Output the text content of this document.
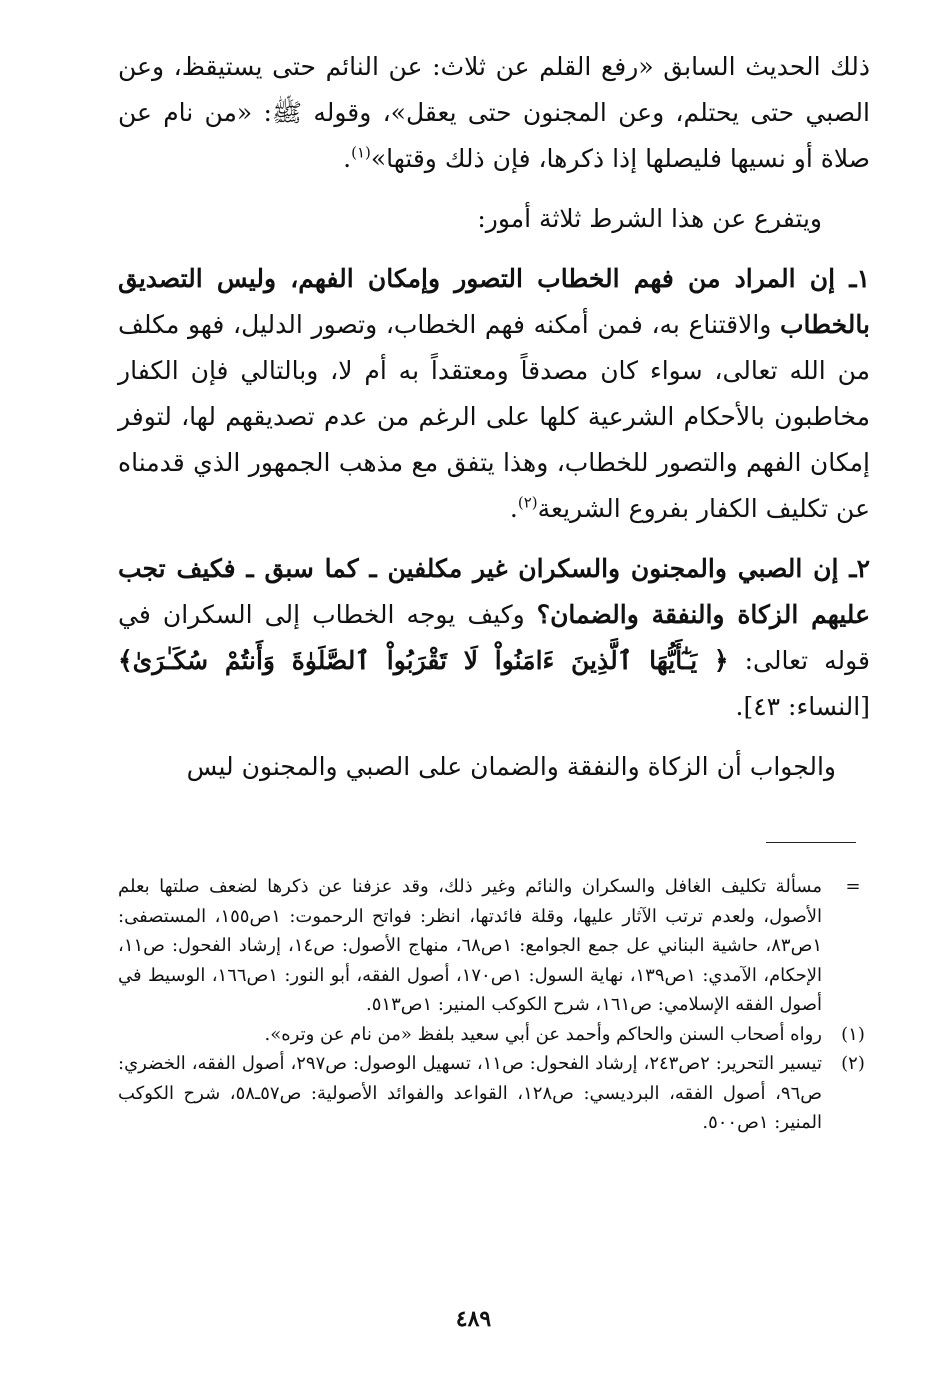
ذلك الحديث السابق «رفع القلم عن ثلاث: عن النائم حتى يستيقظ، وعن الصبي حتى يحتلم، وعن المجنون حتى يعقل»، وقوله ﷺ: «من نام عن صلاة أو نسيها فليصلها إذا ذكرها، فإن ذلك وقتها»$^{(١)}$.

ويتفرع عن هذا الشرط ثلاثة أمور:

١ـ إن المراد من فهم الخطاب التصور وإمكان الفهم، وليس التصديق بالخطاب والاقتناع به، فمن أمكنه فهم الخطاب، وتصور الدليل، فهو مكلف من الله تعالى، سواء كان مصدقاً ومعتقداً به أم لا، وبالتالي فإن الكفار مخاطبون بالأحكام الشرعية كلها على الرغم من عدم تصديقهم لها، لتوفر إمكان الفهم والتصور للخطاب، وهذا يتفق مع مذهب الجمهور الذي قدمناه عن تكليف الكفار بفروع الشريعة$^{(٢)}$.

٢ـ إن الصبي والمجنون والسكران غير مكلفين ـ كما سبق ـ فكيف تجب عليهم الزكاة والنفقة والضمان؟ وكيف يوجه الخطاب إلى السكران في قوله تعالى: ﴿ يَـٰٓأَيُّهَا ٱلَّذِينَ ءَامَنُواْ لَا تَقْرَبُواْ ٱلصَّلَوٰةَ وَأَنتُمْ سُكَـٰرَىٰ﴾ [النساء: ٤٣].

والجواب أن الزكاة والنفقة والضمان على الصبي والمجنون ليس

=
مسألة تكليف الغافل والسكران والنائم وغير ذلك، وقد عزفنا عن ذكرها لضعف صلتها بعلم الأصول، ولعدم ترتب الآثار عليها، وقلة فائدتها، انظر: فواتح الرحموت: ١ص١٥٥، المستصفى: ١ص٨٣، حاشية البناني عل جمع الجوامع: ١ص٦٨، منهاج الأصول: ص١٤، إرشاد الفحول: ص١١، الإحكام، الآمدي: ١ص١٣٩، نهاية السول: ١ص١٧٠، أصول الفقه، أبو النور: ١ص١٦٦، الوسيط في أصول الفقه الإسلامي: ص١٦١، شرح الكوكب المنير: ١ص٥١٣.
(١)
رواه أصحاب السنن والحاكم وأحمد عن أبي سعيد بلفظ «من نام عن وتره».
(٢)
تيسير التحرير: ٢ص٢٤٣، إرشاد الفحول: ص١١، تسهيل الوصول: ص٢٩٧، أصول الفقه، الخضري: ص٩٦، أصول الفقه، البرديسي: ص١٢٨، القواعد والفوائد الأصولية: ص٥٧ـ٥٨، شرح الكوكب المنير: ١ص٥٠٠.
٤٨٩
